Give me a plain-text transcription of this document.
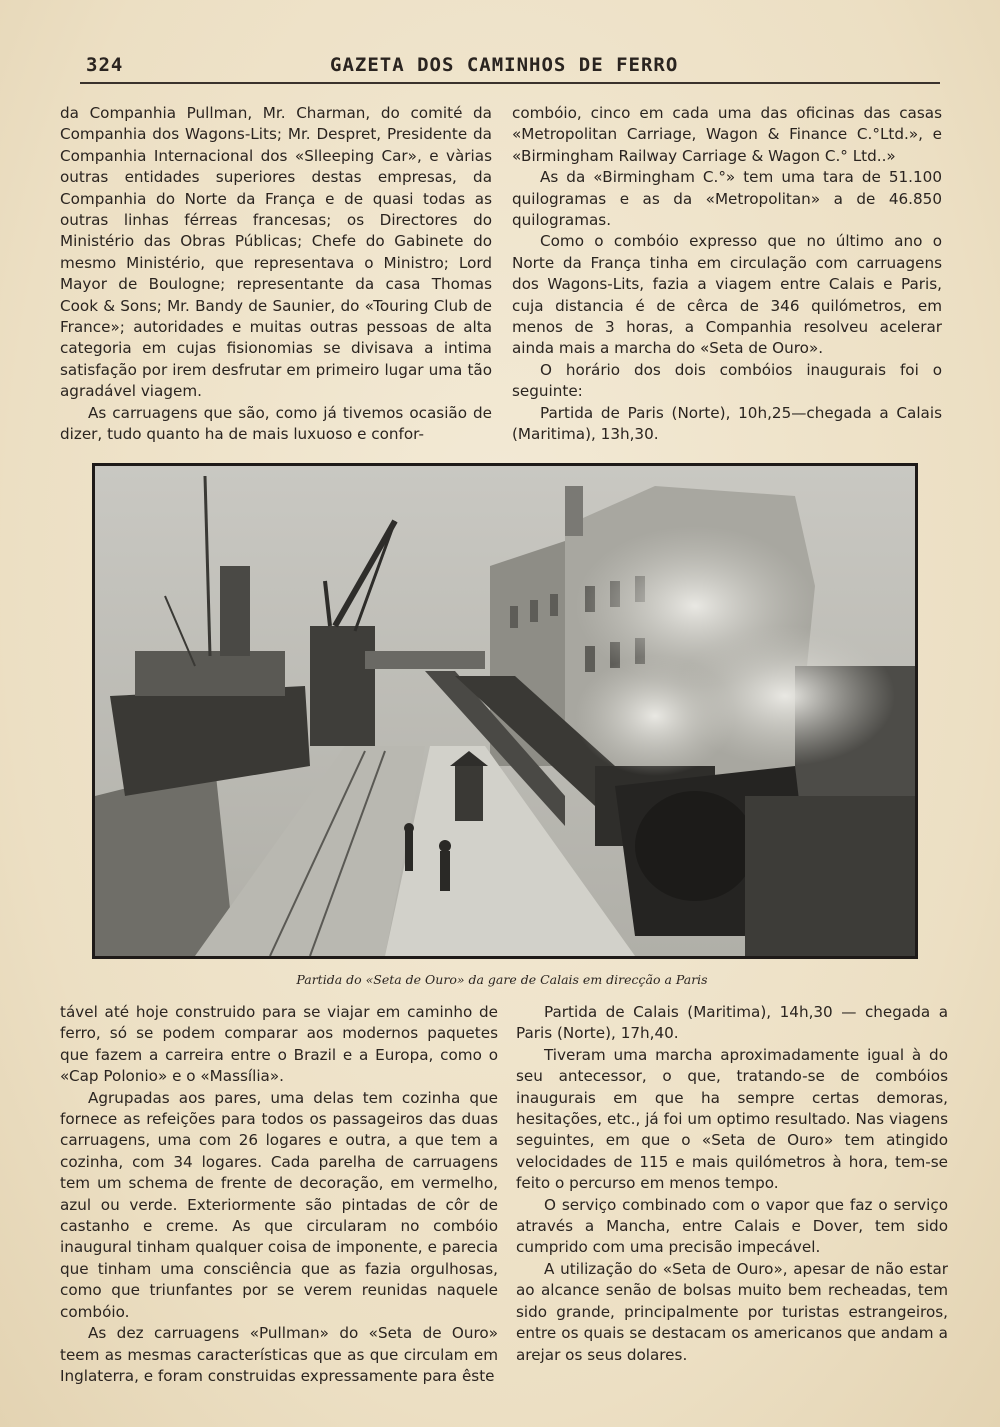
324	GAZETA DOS CAMINHOS DE FERRO

da Companhia Pullman, Mr. Charman, do comité da Companhia dos Wagons-Lits; Mr. Despret, Presidente da Companhia Internacional dos «Slleeping Car», e vàrias outras entidades superiores destas empresas, da Companhia do Norte da França e de quasi todas as outras linhas férreas francesas; os Directores do Ministério das Obras Públicas; Chefe do Gabinete do mesmo Ministério, que representava o Ministro; Lord Mayor de Boulogne; representante da casa Thomas Cook & Sons; Mr. Bandy de Saunier, do «Touring Club de France»; autoridades e muitas outras pessoas de alta categoria em cujas fisionomias se divisava a intima satisfação por irem desfrutar em primeiro lugar uma tão agradável viagem.

As carruagens que são, como já tivemos ocasião de dizer, tudo quanto ha de mais luxuoso e confor-

combóio, cinco em cada uma das oficinas das casas «Metropolitan Carriage, Wagon & Finance C.°Ltd.», e «Birmingham Railway Carriage & Wagon C.° Ltd..»

As da «Birmingham C.°» tem uma tara de 51.100 quilogramas e as da «Metropolitan» a de 46.850 quilogramas.

Como o combóio expresso que no último ano o Norte da França tinha em circulação com carruagens dos Wagons-Lits, fazia a viagem entre Calais e Paris, cuja distancia é de cêrca de 346 quilómetros, em menos de 3 horas, a Companhia resolveu acelerar ainda mais a marcha do «Seta de Ouro».

O horário dos dois combóios inaugurais foi o seguinte:

Partida de Paris (Norte), 10h,25—chegada a Calais (Maritima), 13h,30.

Partida do «Seta de Ouro» da gare de Calais em direcção a Paris

tável até hoje construido para se viajar em caminho de ferro, só se podem comparar aos modernos paquetes que fazem a carreira entre o Brazil e a Europa, como o «Cap Polonio» e o «Massília».

Agrupadas aos pares, uma delas tem cozinha que fornece as refeições para todos os passageiros das duas carruagens, uma com 26 logares e outra, a que tem a cozinha, com 34 logares. Cada parelha de carruagens tem um schema de frente de decoração, em vermelho, azul ou verde. Exteriormente são pintadas de côr de castanho e creme. As que circularam no combóio inaugural tinham qualquer coisa de imponente, e parecia que tinham uma consciência que as fazia orgulhosas, como que triunfantes por se verem reunidas naquele combóio.

As dez carruagens «Pullman» do «Seta de Ouro» teem as mesmas características que as que circulam em Inglaterra, e foram construidas expressamente para êste

Partida de Calais (Maritima), 14h,30 — chegada a Paris (Norte), 17h,40.

Tiveram uma marcha aproximadamente igual à do seu antecessor, o que, tratando-se de combóios inaugurais em que ha sempre certas demoras, hesitações, etc., já foi um optimo resultado. Nas viagens seguintes, em que o «Seta de Ouro» tem atingido velocidades de 115 e mais quilómetros à hora, tem-se feito o percurso em menos tempo.

O serviço combinado com o vapor que faz o serviço através a Mancha, entre Calais e Dover, tem sido cumprido com uma precisão impecável.

A utilização do «Seta de Ouro», apesar de não estar ao alcance senão de bolsas muito bem recheadas, tem sido grande, principalmente por turistas estrangeiros, entre os quais se destacam os americanos que andam a arejar os seus dolares.
